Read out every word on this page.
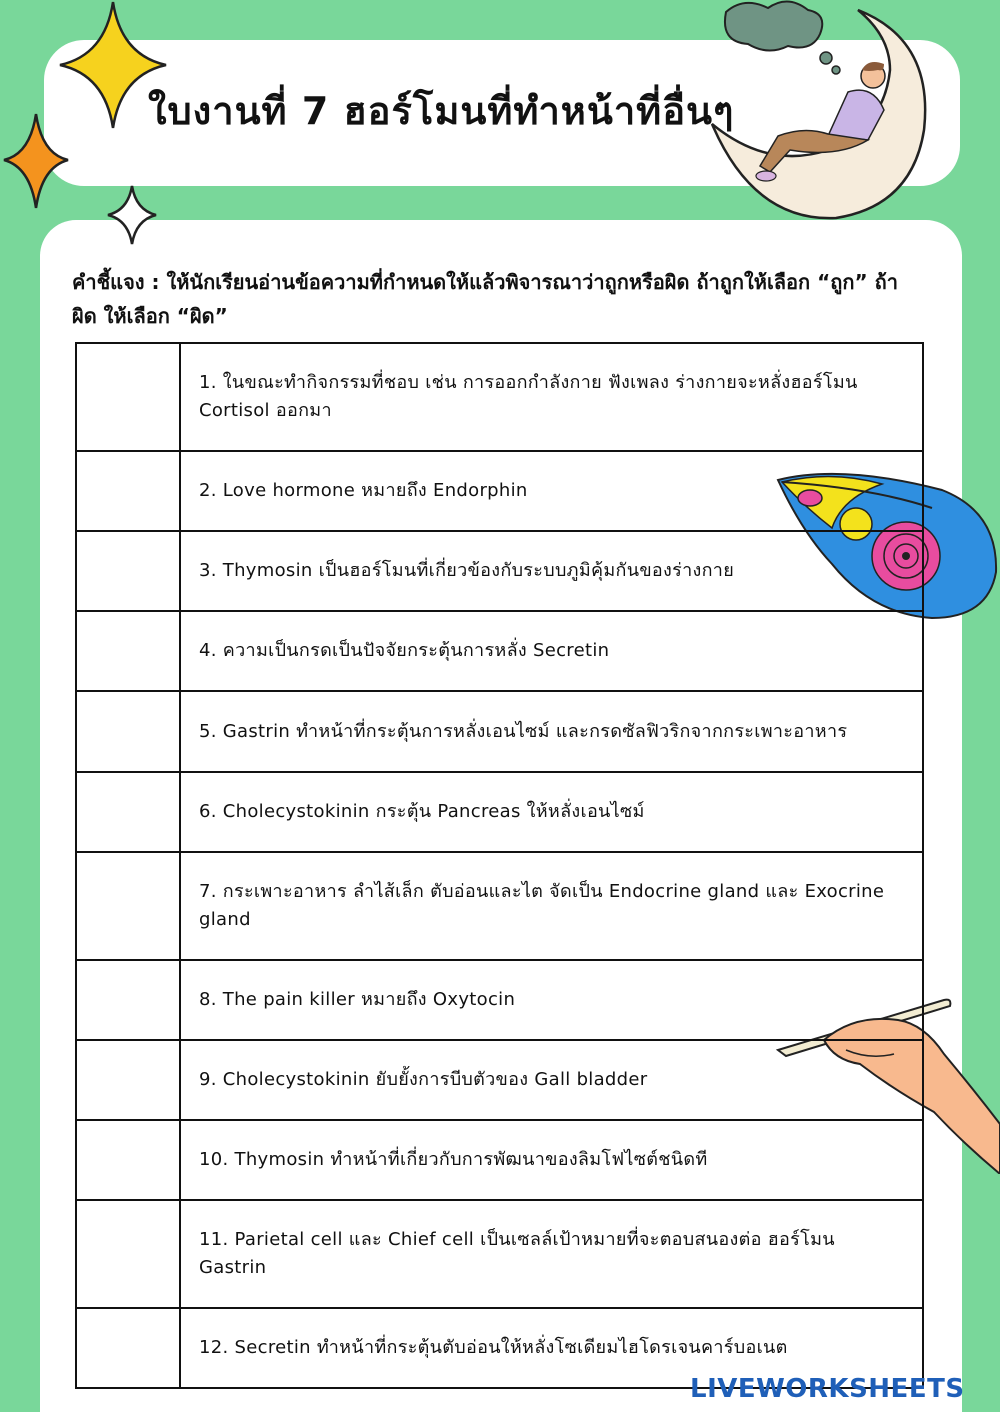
ใบงานที่ 7 ฮอร์โมนที่ทำหน้าที่อื่นๆ
คำชี้แจง : ให้นักเรียนอ่านข้อความที่กำหนดให้แล้วพิจารณาว่าถูกหรือผิด ถ้าถูกให้เลือก “ถูก” ถ้าผิด ให้เลือก “ผิด”
	1. ในขณะทำกิจกรรมที่ชอบ เช่น การออกกำลังกาย ฟังเพลง ร่างกายจะหลั่งฮอร์โมน Cortisol ออกมา

	2. Love hormone หมายถึง Endorphin

	3. Thymosin เป็นฮอร์โมนที่เกี่ยวข้องกับระบบภูมิคุ้มกันของร่างกาย

	4. ความเป็นกรดเป็นปัจจัยกระตุ้นการหลั่ง Secretin

	5. Gastrin ทำหน้าที่กระตุ้นการหลั่งเอนไซม์ และกรดซัลฟิวริกจากกระเพาะอาหาร

	6. Cholecystokinin กระตุ้น Pancreas ให้หลั่งเอนไซม์

	7. กระเพาะอาหาร ลำไส้เล็ก ตับอ่อนและไต จัดเป็น Endocrine gland และ Exocrine gland

	8. The pain killer หมายถึง Oxytocin

	9. Cholecystokinin ยับยั้งการบีบตัวของ Gall bladder

	10. Thymosin ทำหน้าที่เกี่ยวกับการพัฒนาของลิมโฟไซต์ชนิดที

	11. Parietal cell และ Chief cell เป็นเซลล์เป้าหมายที่จะตอบสนองต่อ ฮอร์โมน Gastrin

	12. Secretin ทำหน้าที่กระตุ้นตับอ่อนให้หลั่งโซเดียมไฮโดรเจนคาร์บอเนต
LIVEWORKSHEETS
